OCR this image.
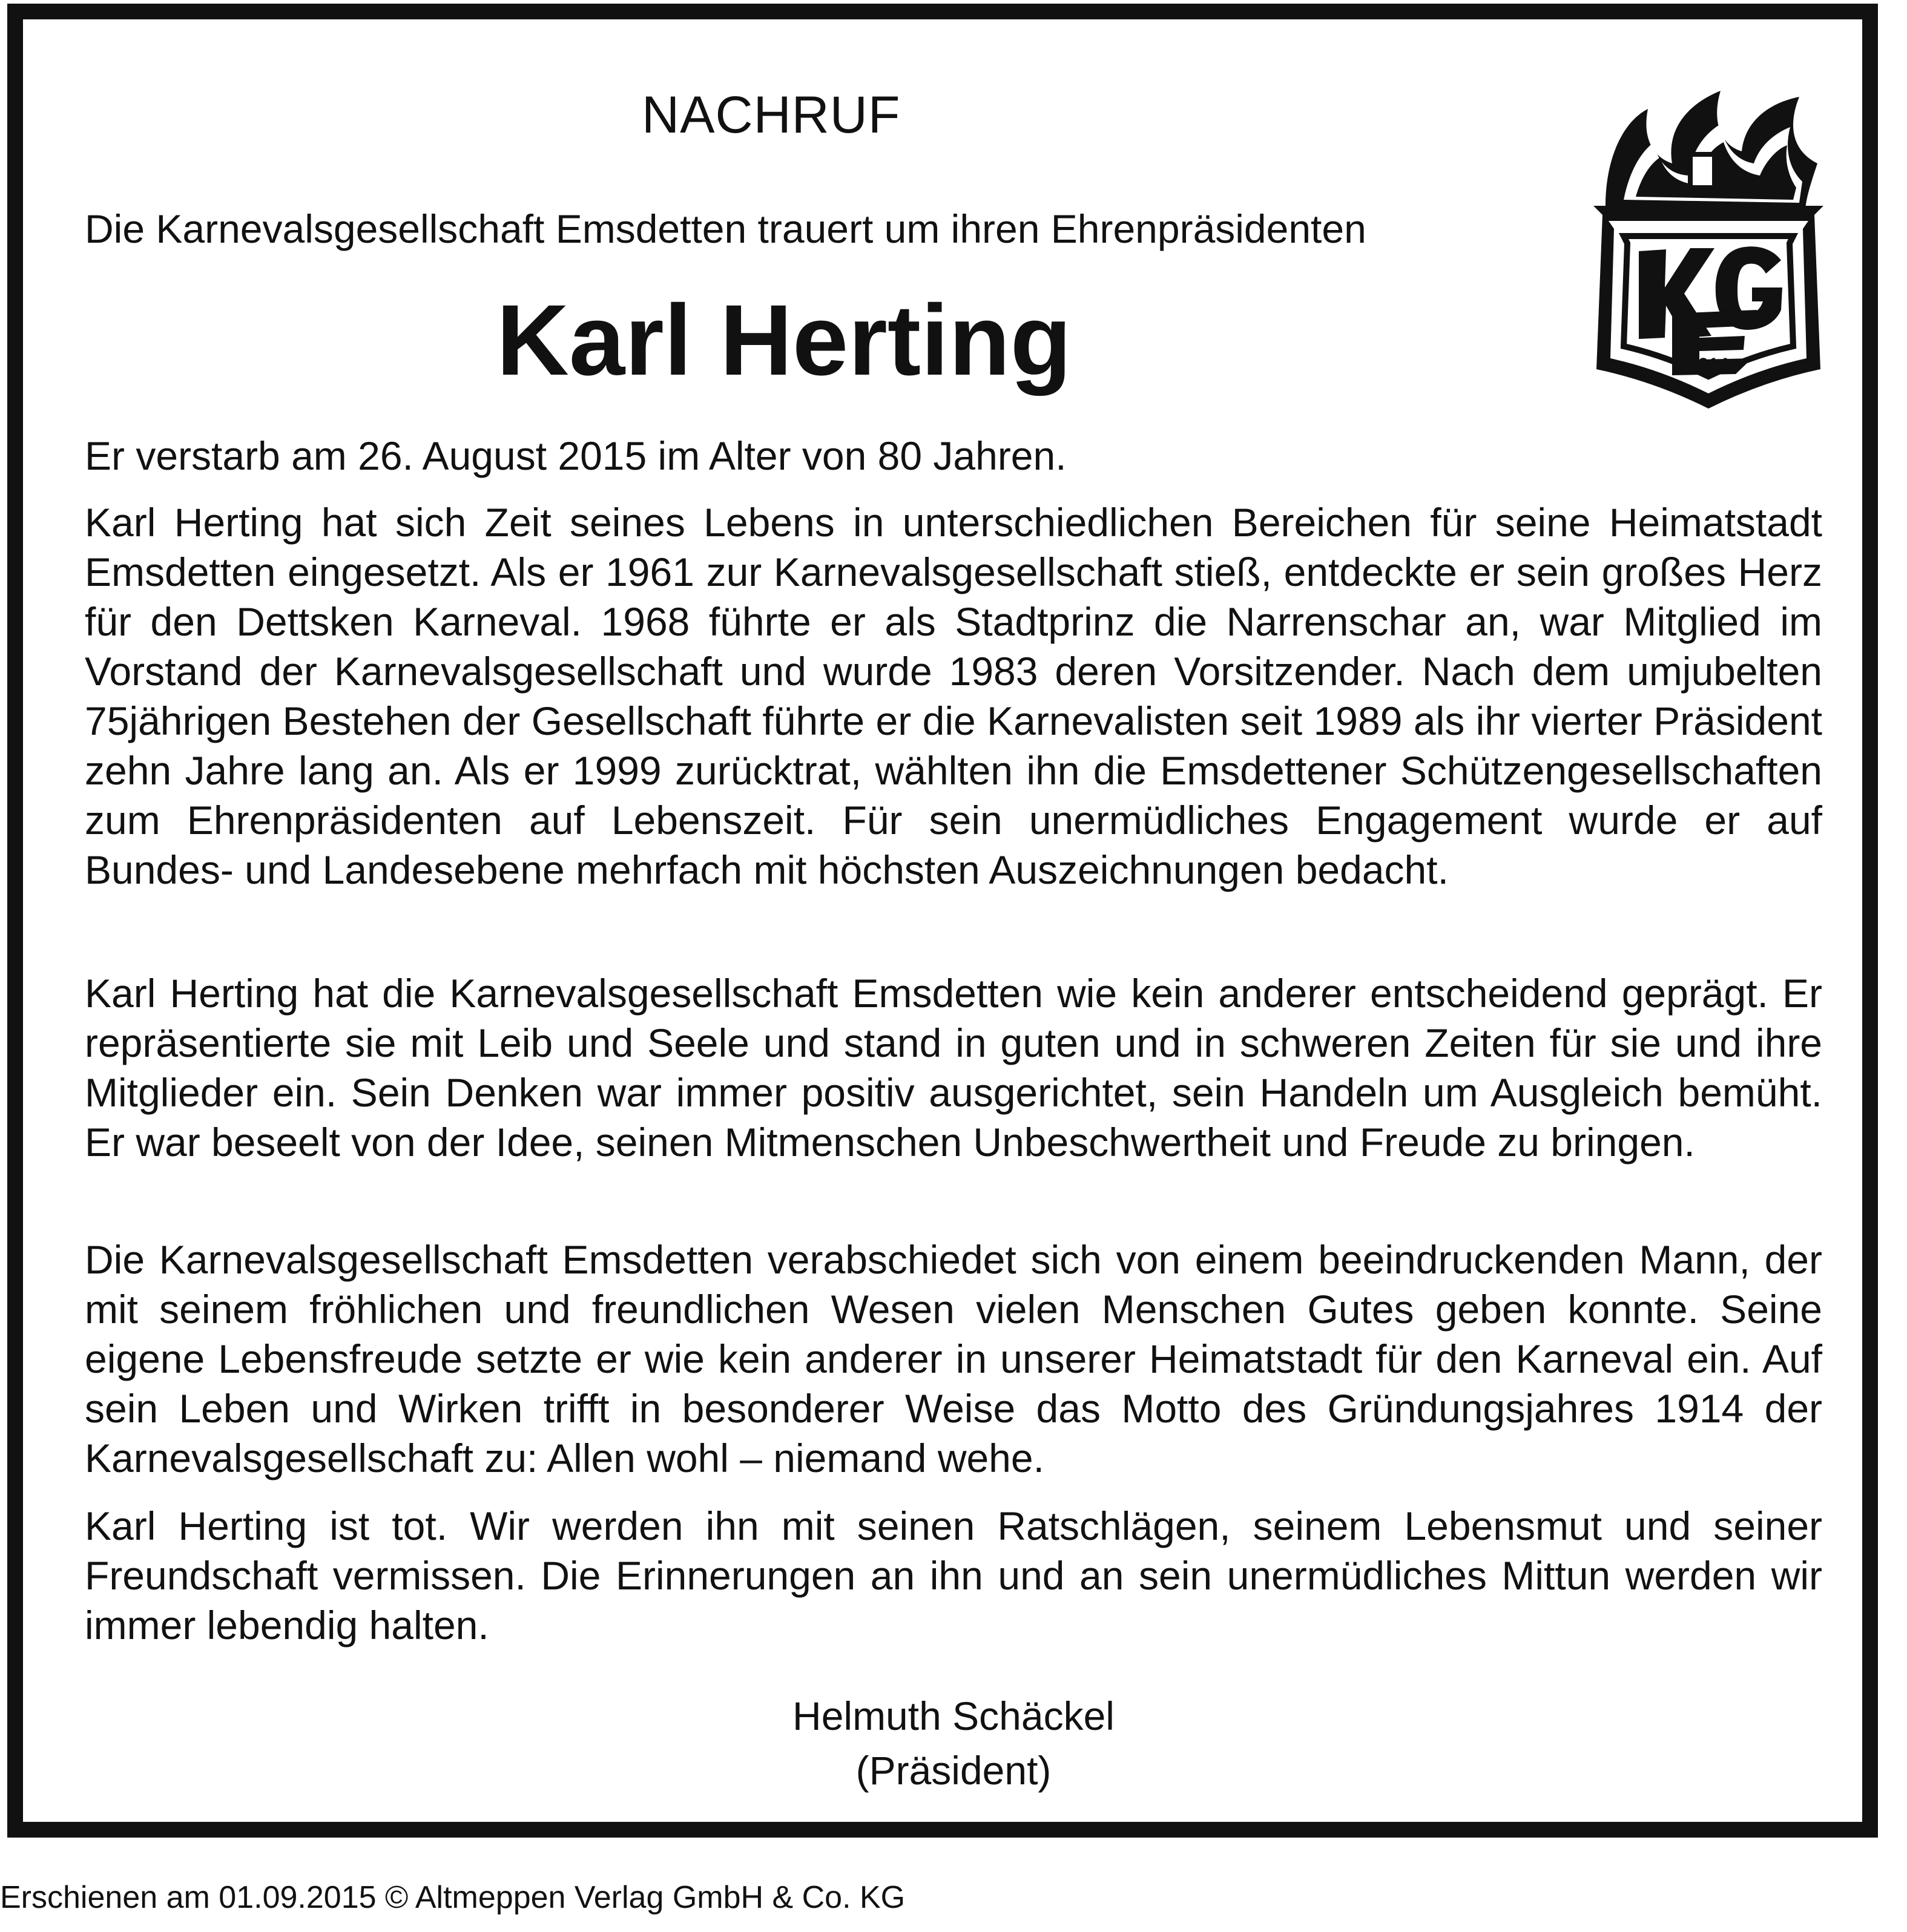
NACHRUF
Die Karnevalsgesellschaft Emsdetten trauert um ihren Ehrenpräsidenten
Karl Herting	1914
Er verstarb am 26. August 2015 im Alter von 80 Jahren.
Karl Herting hat sich Zeit seines Lebens in unterschiedlichen Bereichen für seine Heimatstadt Emsdetten eingesetzt. Als er 1961 zur Karnevalsgesellschaft stieß, entdeckte er sein großes Herz für den Dettsken Karneval. 1968 führte er als Stadtprinz die Narrenschar an, war Mitglied im Vorstand der Karnevalsgesellschaft und wurde 1983 deren Vorsitzender. Nach dem umjubelten 75jährigen Bestehen der Gesellschaft führte er die Karnevalisten seit 1989 als ihr vierter Präsident zehn Jahre lang an. Als er 1999 zurücktrat, wählten ihn die Emsdettener Schützengesellschaften zum Ehrenpräsidenten auf Lebenszeit. Für sein unermüdliches Engagement wurde er auf Bundes- und Landesebene mehrfach mit höchsten Auszeichnungen bedacht.
Karl Herting hat die Karnevalsgesellschaft Emsdetten wie kein anderer entscheidend geprägt. Er repräsentierte sie mit Leib und Seele und stand in guten und in schweren Zeiten für sie und ihre Mitglieder ein. Sein Denken war immer positiv ausgerichtet, sein Handeln um Ausgleich bemüht. Er war beseelt von der Idee, seinen Mitmenschen Unbeschwertheit und Freude zu bringen.
Die Karnevalsgesellschaft Emsdetten verabschiedet sich von einem beeindruckenden Mann, der mit seinem fröhlichen und freundlichen Wesen vielen Menschen Gutes geben konnte. Seine eigene Lebensfreude setzte er wie kein anderer in unserer Heimatstadt für den Karneval ein. Auf sein Leben und Wirken trifft in besonderer Weise das Motto des Gründungsjahres 1914 der Karnevalsgesellschaft zu: Allen wohl – niemand wehe.
Karl Herting ist tot. Wir werden ihn mit seinen Ratschlägen, seinem Lebensmut und seiner Freundschaft vermissen. Die Erinnerungen an ihn und an sein unermüdliches Mittun werden wir immer lebendig halten.
Helmuth Schäckel
(Präsident)
Erschienen am 01.09.2015 © Altmeppen Verlag GmbH & Co. KG
